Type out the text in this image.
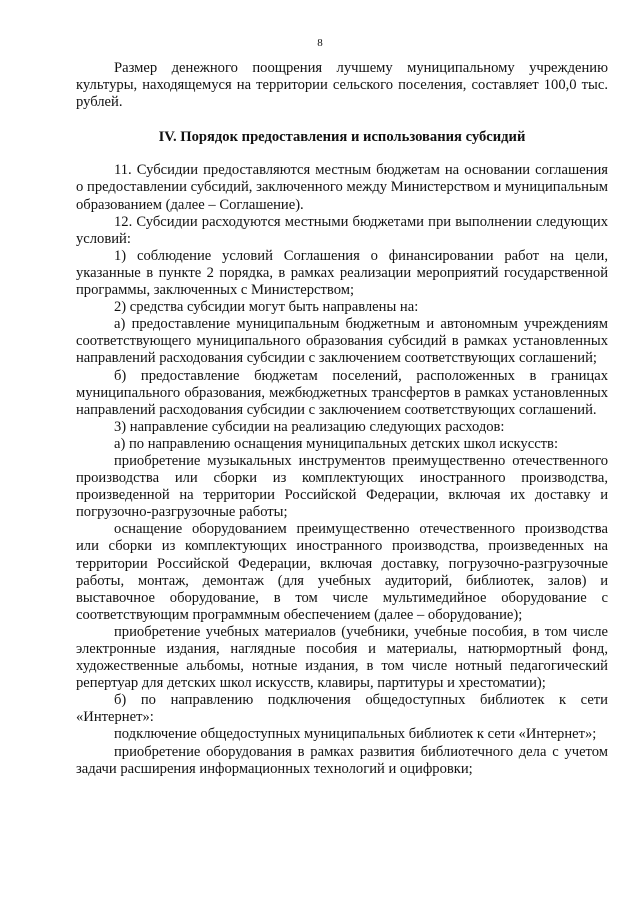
8

Размер денежного поощрения лучшему муниципальному учреждению культуры, находящемуся на территории сельского поселения, составляет 100,0 тыс. рублей.

IV. Порядок предоставления и использования субсидий

11. Субсидии предоставляются местным бюджетам на основании соглашения о предоставлении субсидий, заключенного между Министерством и муниципальным образованием (далее – Соглашение).

12. Субсидии расходуются местными бюджетами при выполнении следующих условий:

1) соблюдение условий Соглашения о финансировании работ на цели, указанные в пункте 2 порядка, в рамках реализации мероприятий государственной программы, заключенных с Министерством;

2) средства субсидии могут быть направлены на:

а) предоставление муниципальным бюджетным и автономным учреждениям соответствующего муниципального образования субсидий в рамках установленных направлений расходования субсидии с заключением соответствующих соглашений;

б) предоставление бюджетам поселений, расположенных в границах муниципального образования, межбюджетных трансфертов в рамках установленных направлений расходования субсидии с заключением соответствующих соглашений.

3) направление субсидии на реализацию следующих расходов:

а) по направлению оснащения муниципальных детских школ искусств:

приобретение музыкальных инструментов преимущественно отечественного производства или сборки из комплектующих иностранного производства, произведенной на территории Российской Федерации, включая их доставку и погрузочно-разгрузочные работы;

оснащение оборудованием преимущественно отечественного производства или сборки из комплектующих иностранного производства, произведенных на территории Российской Федерации, включая доставку, погрузочно-разгрузочные работы, монтаж, демонтаж (для учебных аудиторий, библиотек, залов) и выставочное оборудование, в том числе мультимедийное оборудование с соответствующим программным обеспечением (далее – оборудование);

приобретение учебных материалов (учебники, учебные пособия, в том числе электронные издания, наглядные пособия и материалы, натюрмортный фонд, художественные альбомы, нотные издания, в том числе нотный педагогический репертуар для детских школ искусств, клавиры, партитуры и хрестоматии);

б) по направлению подключения общедоступных библиотек к сети «Интернет»:

подключение общедоступных муниципальных библиотек к сети «Интернет»;

приобретение оборудования в рамках развития библиотечного дела с учетом задачи расширения информационных технологий и оцифровки;
